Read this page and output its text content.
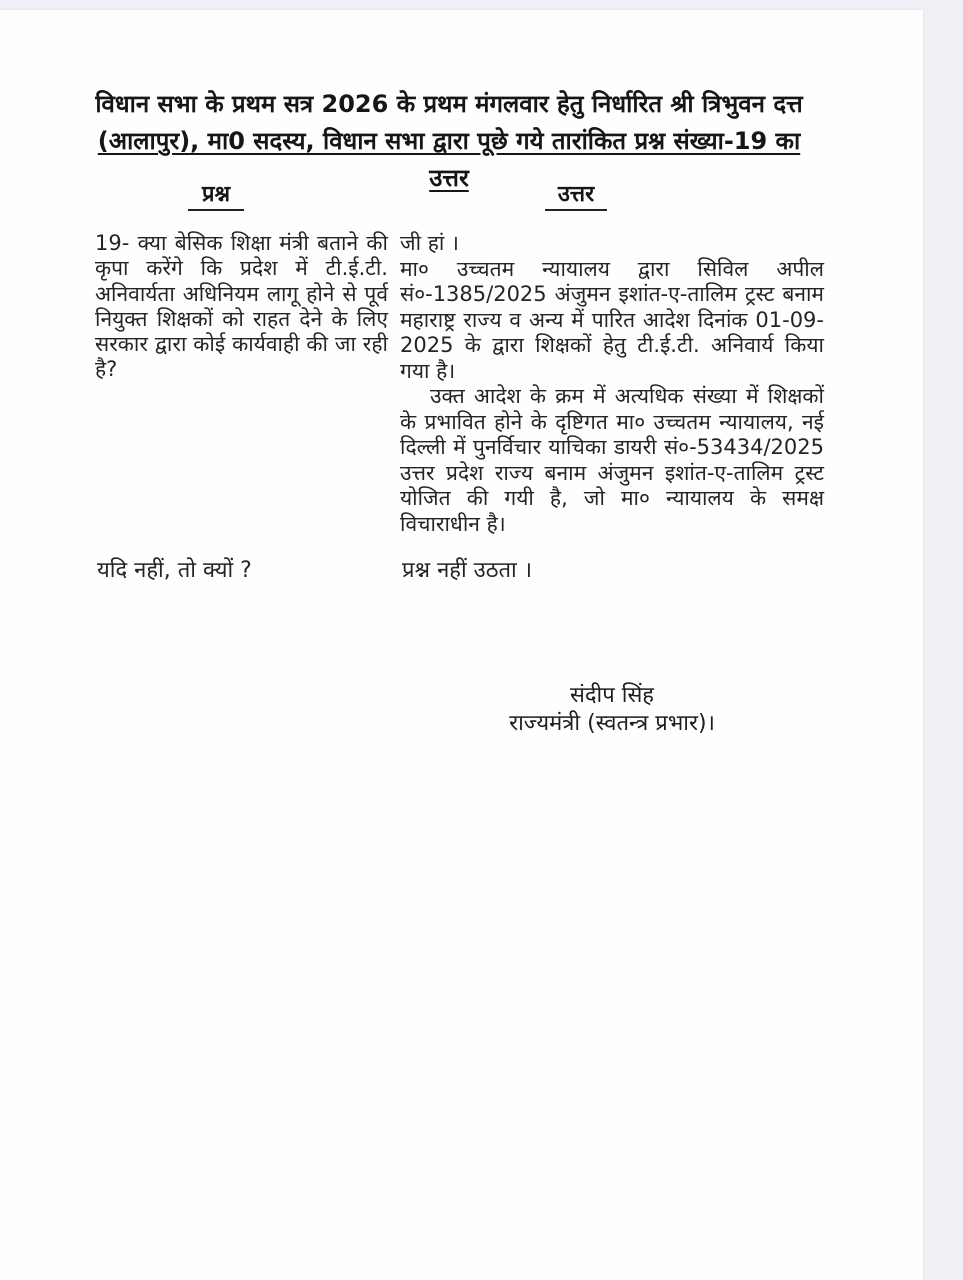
विधान सभा के प्रथम सत्र 2026 के प्रथम मंगलवार हेतु निर्धारित श्री त्रिभुवन दत्त
(आलापुर), मा0 सदस्य, विधान सभा द्वारा पूछे गये तारांकित प्रश्न संख्या-19 का उत्तर
प्रश्न	उत्तर

19- क्या बेसिक शिक्षा मंत्री बताने की कृपा करेंगे कि प्रदेश में टी.ई.टी. अनिवार्यता अधिनियम लागू होने से पूर्व नियुक्त शिक्षकों को राहत देने के लिए सरकार द्वारा कोई कार्यवाही की जा रही है?

जी हां ।

मा० उच्चतम न्यायालय द्वारा सिविल अपील सं०-1385/2025 अंजुमन इशांत-ए-तालिम ट्रस्ट बनाम महाराष्ट्र राज्य व अन्य में पारित आदेश दिनांक 01-09-2025 के द्वारा शिक्षकों हेतु टी.ई.टी. अनिवार्य किया गया है।

उक्त आदेश के क्रम में अत्यधिक संख्या में शिक्षकों के प्रभावित होने के दृष्टिगत मा० उच्चतम न्यायालय, नई दिल्ली में पुनर्विचार याचिका डायरी सं०-53434/2025 उत्तर प्रदेश राज्य बनाम अंजुमन इशांत-ए-तालिम ट्रस्ट योजित की गयी है, जो मा० न्यायालय के समक्ष विचाराधीन है।

यदि नहीं, तो क्यों ?	प्रश्न नहीं उठता ।
संदीप सिंह
राज्यमंत्री (स्वतन्त्र प्रभार)।
